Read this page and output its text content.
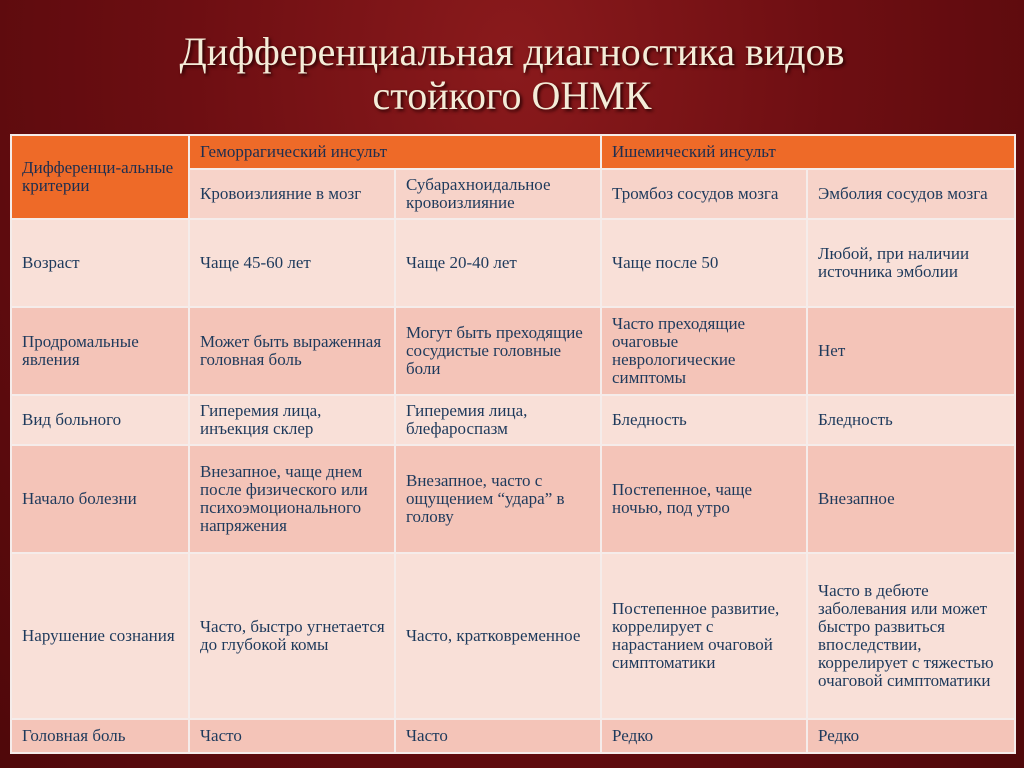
Дифференциальная диагностика видов
стойкого ОНМК
Дифференци-альные критерии	Геморрагический инсульт		Ишемический инсульт	
	Кровоизлияние в мозг	Субарахноидальное кровоизлияние	Тромбоз сосудов мозга	Эмболия сосудов мозга
Возраст	Чаще 45-60 лет	Чаще 20-40 лет	Чаще после 50	Любой, при наличии источника эмболии
Продромальные явления	Может быть выраженная головная боль	Могут быть преходящие сосудистые головные боли	Часто преходящие очаговые неврологические симптомы	Нет
Вид больного	Гиперемия лица, инъекция склер	Гиперемия лица, блефароспазм	Бледность	Бледность
Начало болезни	Внезапное, чаще днем после физического или психоэмоционального напряжения	Внезапное, часто с ощущением “удара” в голову	Постепенное, чаще ночью, под утро	Внезапное
Нарушение сознания	Часто, быстро угнетается до глубокой комы	Часто, кратковременное	Постепенное развитие, коррелирует с нарастанием очаговой симптоматики	Часто в дебюте заболевания или может быстро развиться впоследствии, коррелирует с тяжестью очаговой симптоматики
Головная боль	Часто	Часто	Редко	Редко
